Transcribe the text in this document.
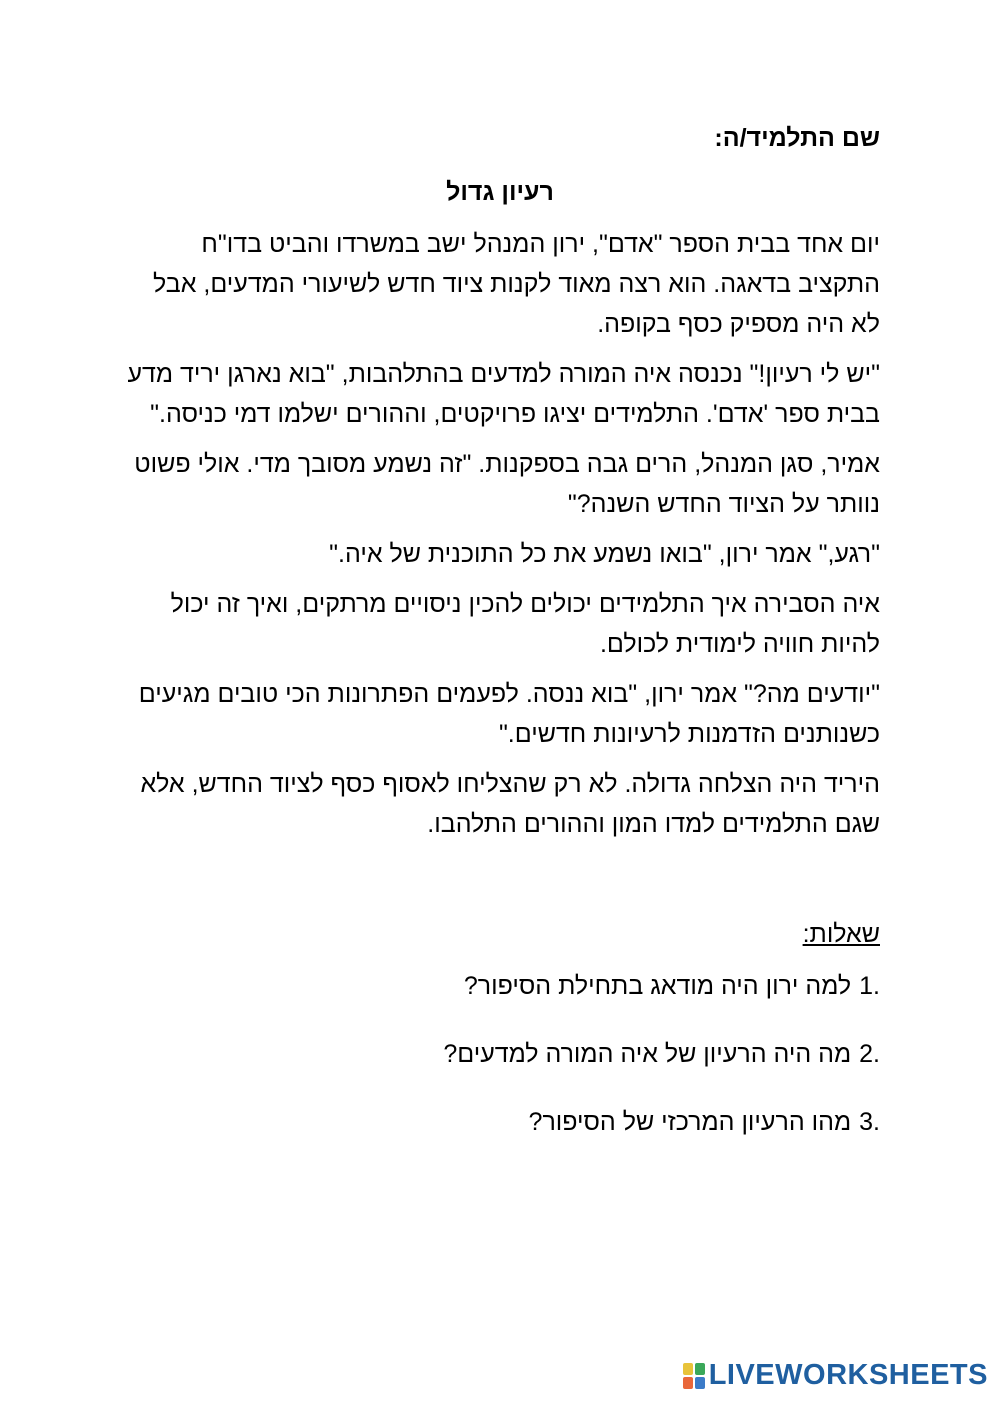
שם התלמיד/ה:
רעיון גדול

יום אחד בבית הספר "אדם", ירון המנהל ישב במשרדו והביט בדו"ח התקציב בדאגה. הוא רצה מאוד לקנות ציוד חדש לשיעורי המדעים, אבל לא היה מספיק כסף בקופה.

"יש לי רעיון!" נכנסה איה המורה למדעים בהתלהבות, "בוא נארגן יריד מדע בבית ספר 'אדם'. התלמידים יציגו פרויקטים, וההורים ישלמו דמי כניסה."

אמיר, סגן המנהל, הרים גבה בספקנות. "זה נשמע מסובך מדי. אולי פשוט נוותר על הציוד החדש השנה?"

"רגע," אמר ירון, "בואו נשמע את כל התוכנית של איה."

איה הסבירה איך התלמידים יכולים להכין ניסויים מרתקים, ואיך זה יכול להיות חוויה לימודית לכולם.

"יודעים מה?" אמר ירון, "בוא ננסה. לפעמים הפתרונות הכי טובים מגיעים כשנותנים הזדמנות לרעיונות חדשים."

היריד היה הצלחה גדולה. לא רק שהצליחו לאסוף כסף לציוד החדש, אלא שגם התלמידים למדו המון וההורים התלהבו.

שאלות:
1.
למה ירון היה מודאג בתחילת הסיפור?
2.
מה היה הרעיון של איה המורה למדעים?
3.
מהו הרעיון המרכזי של הסיפור?
LIVEWORKSHEETS
